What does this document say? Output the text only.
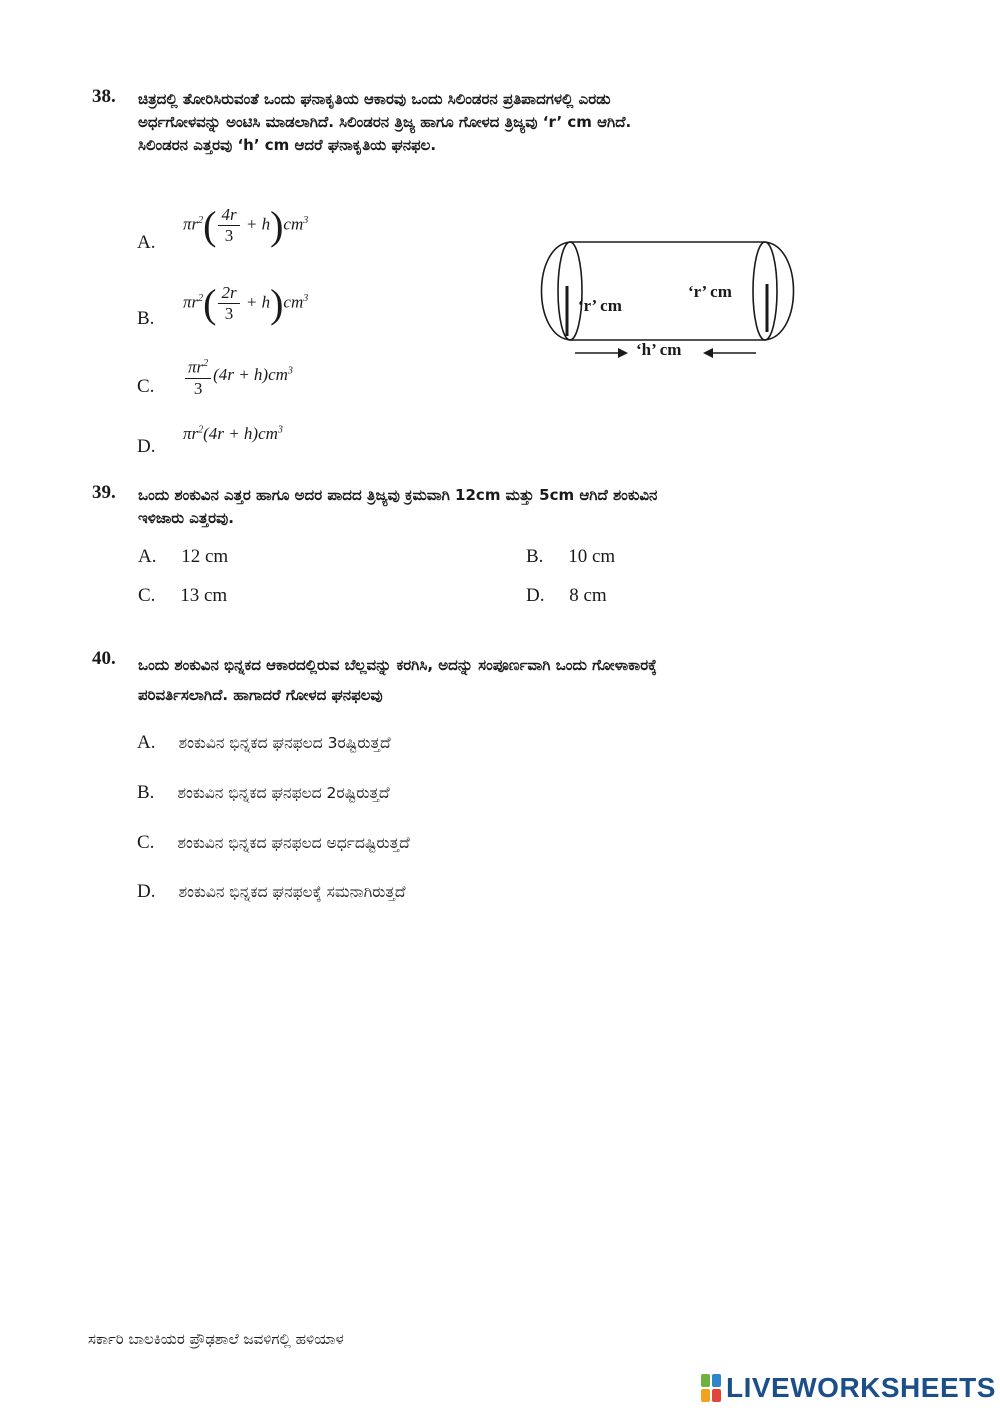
38. ಚಿತ್ರದಲ್ಲಿ ತೋರಿಸಿರುವಂತೆ ಒಂದು ಘನಾಕೃತಿಯ ಆಕಾರವು ಒಂದು ಸಿಲಿಂಡರನ ಪ್ರತಿಪಾದಗಳಲ್ಲಿ ಎರಡು
ಅರ್ಧಗೋಳವನ್ನು ಅಂಟಿಸಿ ಮಾಡಲಾಗಿದೆ. ಸಿಲಿಂಡರನ ತ್ರಿಜ್ಯ ಹಾಗೂ ಗೋಳದ ತ್ರಿಜ್ಯವು ‘r’ cm ಆಗಿದೆ.
ಸಿಲಿಂಡರನ ಎತ್ತರವು ‘h’ cm ಆದರೆ ಘನಾಕೃತಿಯ ಘನಫಲ.
A.
B.
C.
D.
$\pi r^2( \frac{4r}{3} + h)cm^3$
$\pi r^2( \frac{2r}{3} + h)cm^3$
$\frac{\pi r^2}{3} (4r + h)cm^3$
$\pi r^2(4r + h)cm^3$
‘r’ cm
‘r’ cm
‘h’ cm
39. ಒಂದು ಶಂಕುವಿನ ಎತ್ತರ ಹಾಗೂ ಅದರ ಪಾದದ ತ್ರಿಜ್ಯವು ಕ್ರಮವಾಗಿ 12cm ಮತ್ತು 5cm ಆಗಿದೆ ಶಂಕುವಿನ
ಇಳಿಜಾರು ಎತ್ತರವು.
A. 12 cm	B. 10 cm
C. 13 cm	D. 8 cm
40. ಒಂದು ಶಂಕುವಿನ ಭಿನ್ನಕದ ಆಕಾರದಲ್ಲಿರುವ ಬೆಲ್ಲವನ್ನು ಕರಗಿಸಿ, ಅದನ್ನು ಸಂಪೂರ್ಣವಾಗಿ ಒಂದು ಗೋಳಾಕಾರಕ್ಕೆ
ಪರಿವರ್ತಿಸಲಾಗಿದೆ. ಹಾಗಾದರೆ ಗೋಳದ ಘನಫಲವು
A. ಶಂಕುವಿನ ಭಿನ್ನಕದ ಘನಫಲದ 3ರಷ್ಟಿರುತ್ತದೆ
B. ಶಂಕುವಿನ ಭಿನ್ನಕದ ಘನಫಲದ 2ರಷ್ಟಿರುತ್ತದೆ
C. ಶಂಕುವಿನ ಭಿನ್ನಕದ ಘನಫಲದ ಅರ್ಧದಷ್ಟಿರುತ್ತದೆ
D. ಶಂಕುವಿನ ಭಿನ್ನಕದ ಘನಫಲಕ್ಕೆ ಸಮನಾಗಿರುತ್ತದೆ
ಸರ್ಕಾರಿ ಬಾಲಕಿಯರ ಪ್ರೌಢಶಾಲೆ ಜವಳಿಗಲ್ಲಿ ಹಳಿಯಾಳ
LIVEWORKSHEETS
